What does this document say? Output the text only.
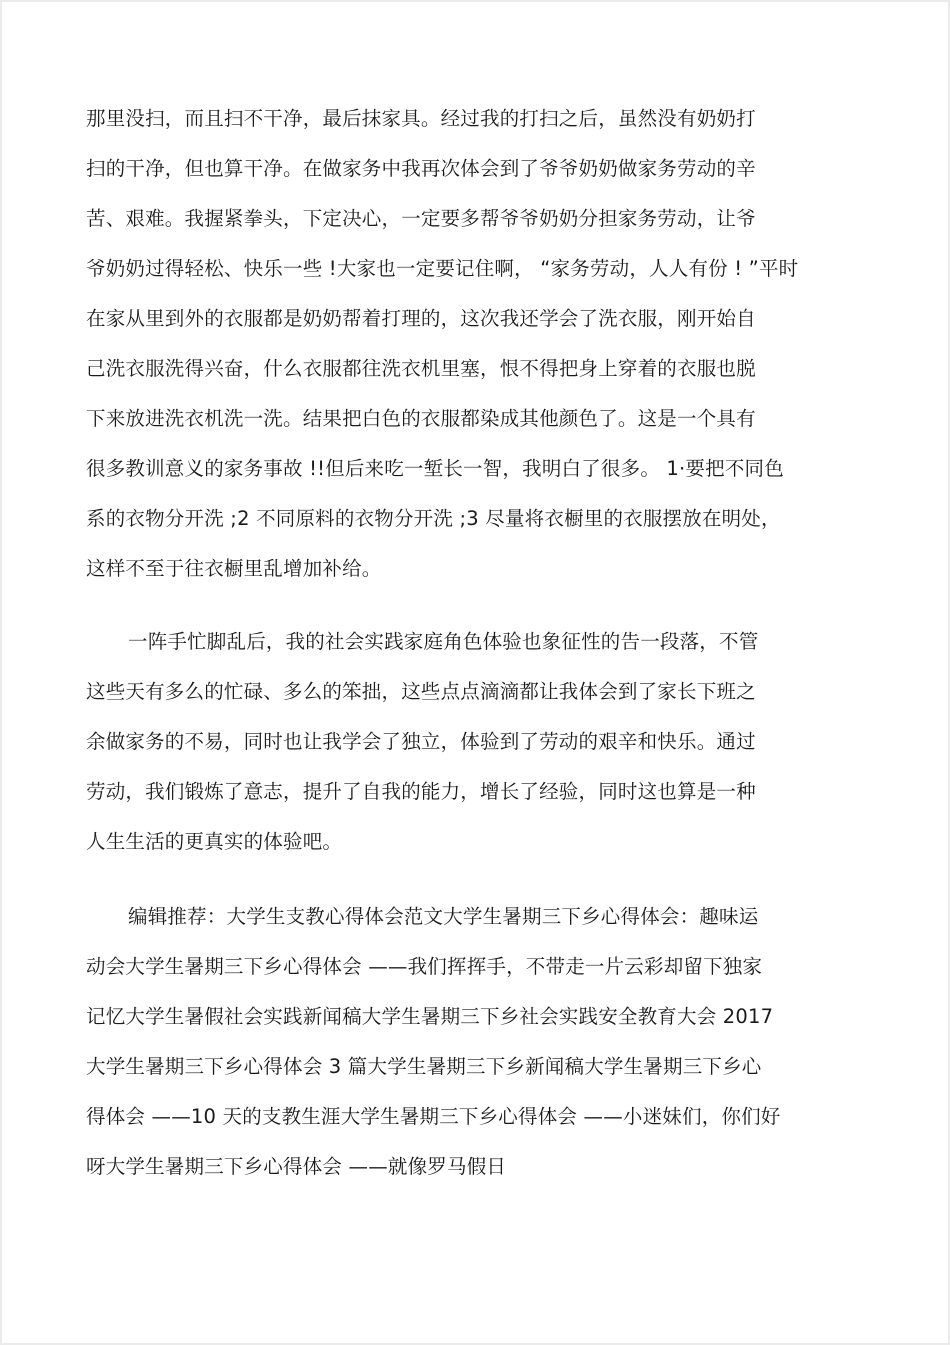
那里没扫，而且扫不干净，最后抹家具。经过我的打扫之后，虽然没有奶奶打
扫的干净，但也算干净。在做家务中我再次体会到了爷爷奶奶做家务劳动的辛
苦、艰难。我握紧拳头，下定决心，一定要多帮爷爷奶奶分担家务劳动，让爷
爷奶奶过得轻松、快乐一些 !大家也一定要记住啊， “家务劳动，人人有份 ! ”平时
在家从里到外的衣服都是奶奶帮着打理的，这次我还学会了洗衣服，刚开始自
己洗衣服洗得兴奋，什么衣服都往洗衣机里塞，恨不得把身上穿着的衣服也脱
下来放进洗衣机洗一洗。结果把白色的衣服都染成其他颜色了。这是一个具有
很多教训意义的家务事故 !!但后来吃一堑长一智，我明白了很多。 1·要把不同色
系的衣物分开洗 ;2 不同原料的衣物分开洗 ;3 尽量将衣橱里的衣服摆放在明处，
这样不至于往衣橱里乱增加补给。
一阵手忙脚乱后，我的社会实践家庭角色体验也象征性的告一段落，不管
这些天有多么的忙碌、多么的笨拙，这些点点滴滴都让我体会到了家长下班之
余做家务的不易，同时也让我学会了独立，体验到了劳动的艰辛和快乐。通过
劳动，我们锻炼了意志，提升了自我的能力，增长了经验，同时这也算是一种
人生生活的更真实的体验吧。
编辑推荐：大学生支教心得体会范文大学生暑期三下乡心得体会：趣味运
动会大学生暑期三下乡心得体会 ——我们挥挥手，不带走一片云彩却留下独家
记忆大学生暑假社会实践新闻稿大学生暑期三下乡社会实践安全教育大会 2017
大学生暑期三下乡心得体会 3 篇大学生暑期三下乡新闻稿大学生暑期三下乡心
得体会 ——10 天的支教生涯大学生暑期三下乡心得体会 ——小迷妹们，你们好
呀大学生暑期三下乡心得体会 ——就像罗马假日
